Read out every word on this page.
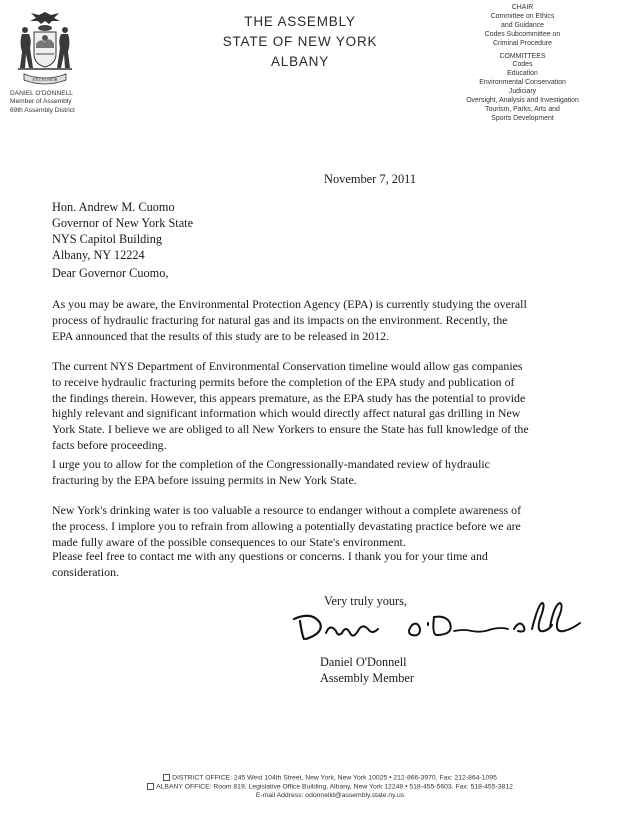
EXCELSIOR
DANIEL O'DONNELL
Member of Assembly
69th Assembly District
THE ASSEMBLY
STATE OF NEW YORK
ALBANY
CHAIR
Committee on Ethics
and Guidance
Codes Subcommittee on
Criminal Procedure
COMMITTEES
Codes
Education
Environmental Conservation
Judiciary
Oversight, Analysis and Investigation
Tourism, Parks, Arts and
Sports Development
November 7, 2011
Hon. Andrew M. Cuomo
Governor of New York State
NYS Capitol Building
Albany, NY 12224
Dear Governor Cuomo,
As you may be aware, the Environmental Protection Agency (EPA) is currently studying the overall
process of hydraulic fracturing for natural gas and its impacts on the environment. Recently, the
EPA announced that the results of this study are to be released in 2012.
The current NYS Department of Environmental Conservation timeline would allow gas companies
to receive hydraulic fracturing permits before the completion of the EPA study and publication of
the findings therein. However, this appears premature, as the EPA study has the potential to provide
highly relevant and significant information which would directly affect natural gas drilling in New
York State. I believe we are obliged to all New Yorkers to ensure the State has full knowledge of the
facts before proceeding.
I urge you to allow for the completion of the Congressionally-mandated review of hydraulic
fracturing by the EPA before issuing permits in New York State.
New York's drinking water is too valuable a resource to endanger without a complete awareness of
the process. I implore you to refrain from allowing a potentially devastating practice before we are
made fully aware of the possible consequences to our State's environment.
Please feel free to contact me with any questions or concerns. I thank you for your time and
consideration.
Very truly yours,
Daniel O'Donnell
Assembly Member
DISTRICT OFFICE: 245 West 104th Street, New York, New York 10025 • 212-866-3970, Fax: 212-864-1095
ALBANY OFFICE: Room 819, Legislative Office Building, Albany, New York 12248 • 518-455-5603, Fax: 518-455-3812
E-mail Address: odonnelld@assembly.state.ny.us
